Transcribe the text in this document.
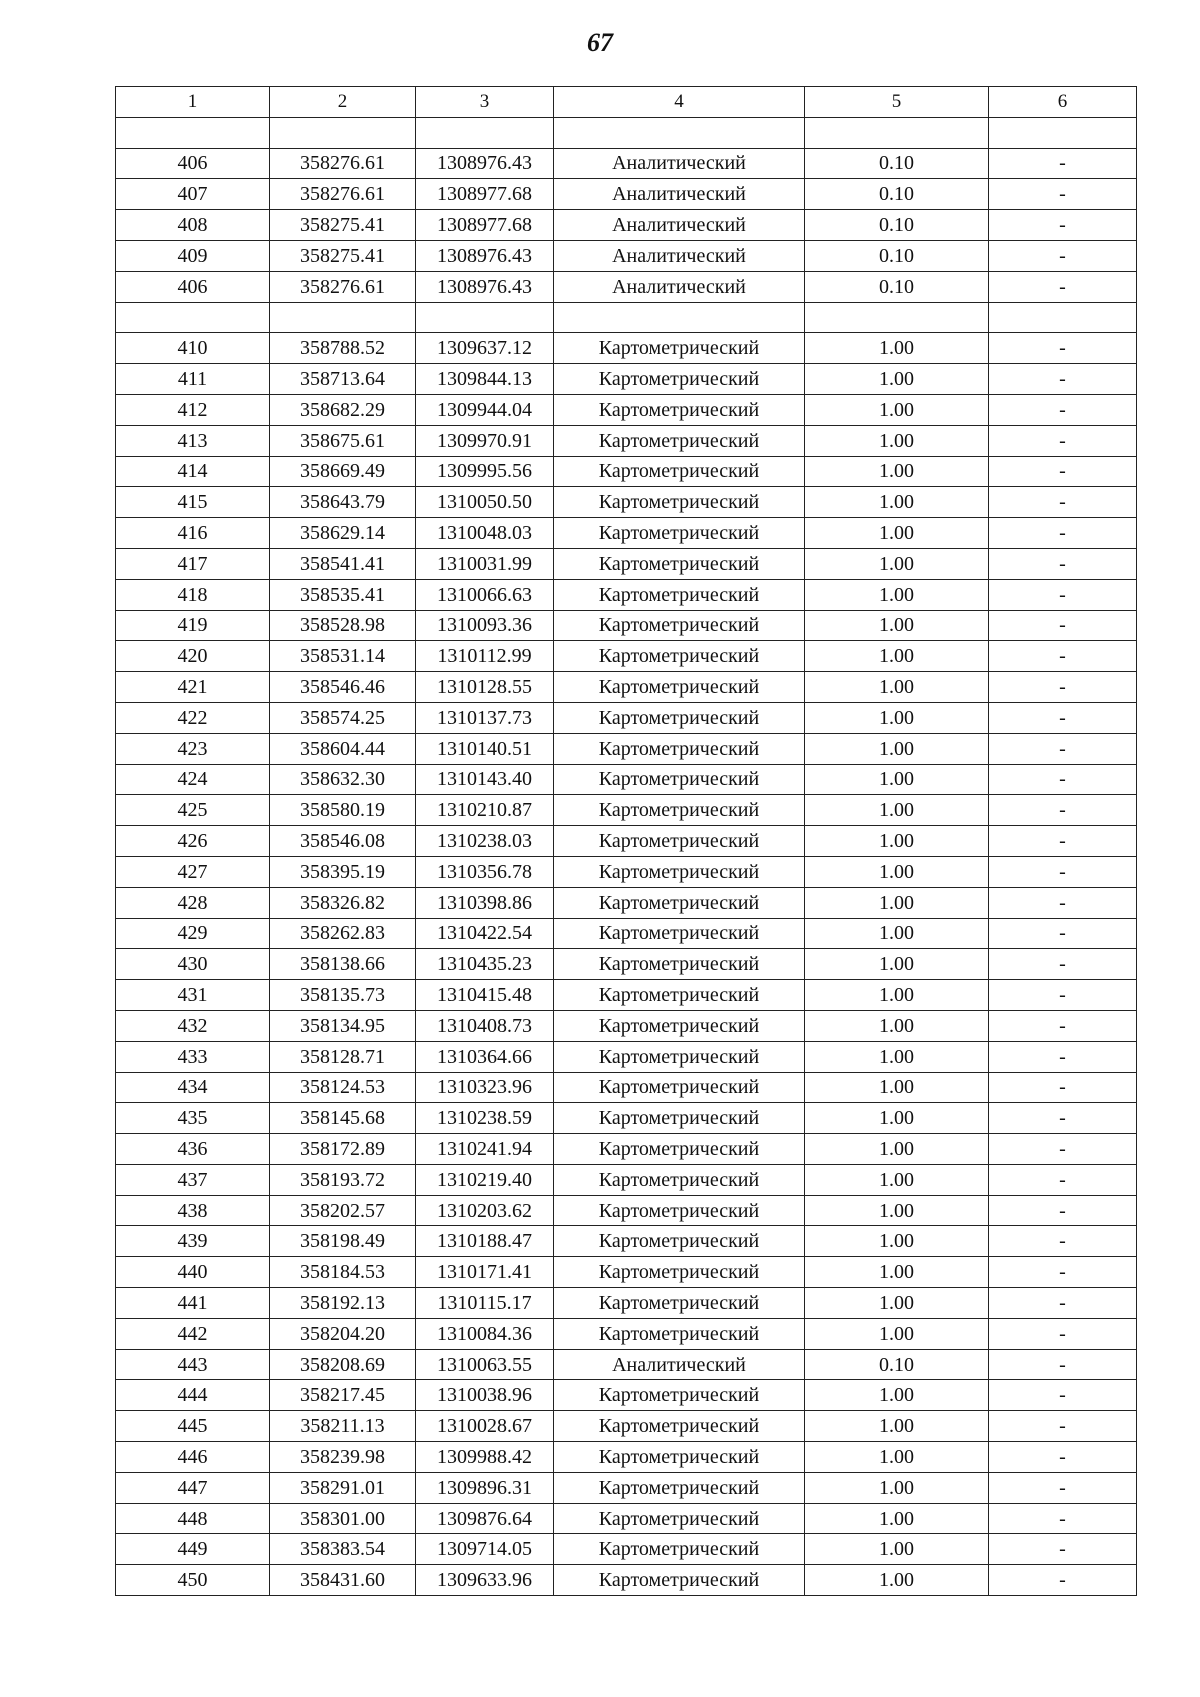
67
1	2	3	4	5	6

406	358276.61	1308976.43	Аналитический	0.10	-
407	358276.61	1308977.68	Аналитический	0.10	-
408	358275.41	1308977.68	Аналитический	0.10	-
409	358275.41	1308976.43	Аналитический	0.10	-
406	358276.61	1308976.43	Аналитический	0.10	-

410	358788.52	1309637.12	Картометрический	1.00	-
411	358713.64	1309844.13	Картометрический	1.00	-
412	358682.29	1309944.04	Картометрический	1.00	-
413	358675.61	1309970.91	Картометрический	1.00	-
414	358669.49	1309995.56	Картометрический	1.00	-
415	358643.79	1310050.50	Картометрический	1.00	-
416	358629.14	1310048.03	Картометрический	1.00	-
417	358541.41	1310031.99	Картометрический	1.00	-
418	358535.41	1310066.63	Картометрический	1.00	-
419	358528.98	1310093.36	Картометрический	1.00	-
420	358531.14	1310112.99	Картометрический	1.00	-
421	358546.46	1310128.55	Картометрический	1.00	-
422	358574.25	1310137.73	Картометрический	1.00	-
423	358604.44	1310140.51	Картометрический	1.00	-
424	358632.30	1310143.40	Картометрический	1.00	-
425	358580.19	1310210.87	Картометрический	1.00	-
426	358546.08	1310238.03	Картометрический	1.00	-
427	358395.19	1310356.78	Картометрический	1.00	-
428	358326.82	1310398.86	Картометрический	1.00	-
429	358262.83	1310422.54	Картометрический	1.00	-
430	358138.66	1310435.23	Картометрический	1.00	-
431	358135.73	1310415.48	Картометрический	1.00	-
432	358134.95	1310408.73	Картометрический	1.00	-
433	358128.71	1310364.66	Картометрический	1.00	-
434	358124.53	1310323.96	Картометрический	1.00	-
435	358145.68	1310238.59	Картометрический	1.00	-
436	358172.89	1310241.94	Картометрический	1.00	-
437	358193.72	1310219.40	Картометрический	1.00	-
438	358202.57	1310203.62	Картометрический	1.00	-
439	358198.49	1310188.47	Картометрический	1.00	-
440	358184.53	1310171.41	Картометрический	1.00	-
441	358192.13	1310115.17	Картометрический	1.00	-
442	358204.20	1310084.36	Картометрический	1.00	-
443	358208.69	1310063.55	Аналитический	0.10	-
444	358217.45	1310038.96	Картометрический	1.00	-
445	358211.13	1310028.67	Картометрический	1.00	-
446	358239.98	1309988.42	Картометрический	1.00	-
447	358291.01	1309896.31	Картометрический	1.00	-
448	358301.00	1309876.64	Картометрический	1.00	-
449	358383.54	1309714.05	Картометрический	1.00	-
450	358431.60	1309633.96	Картометрический	1.00	-
